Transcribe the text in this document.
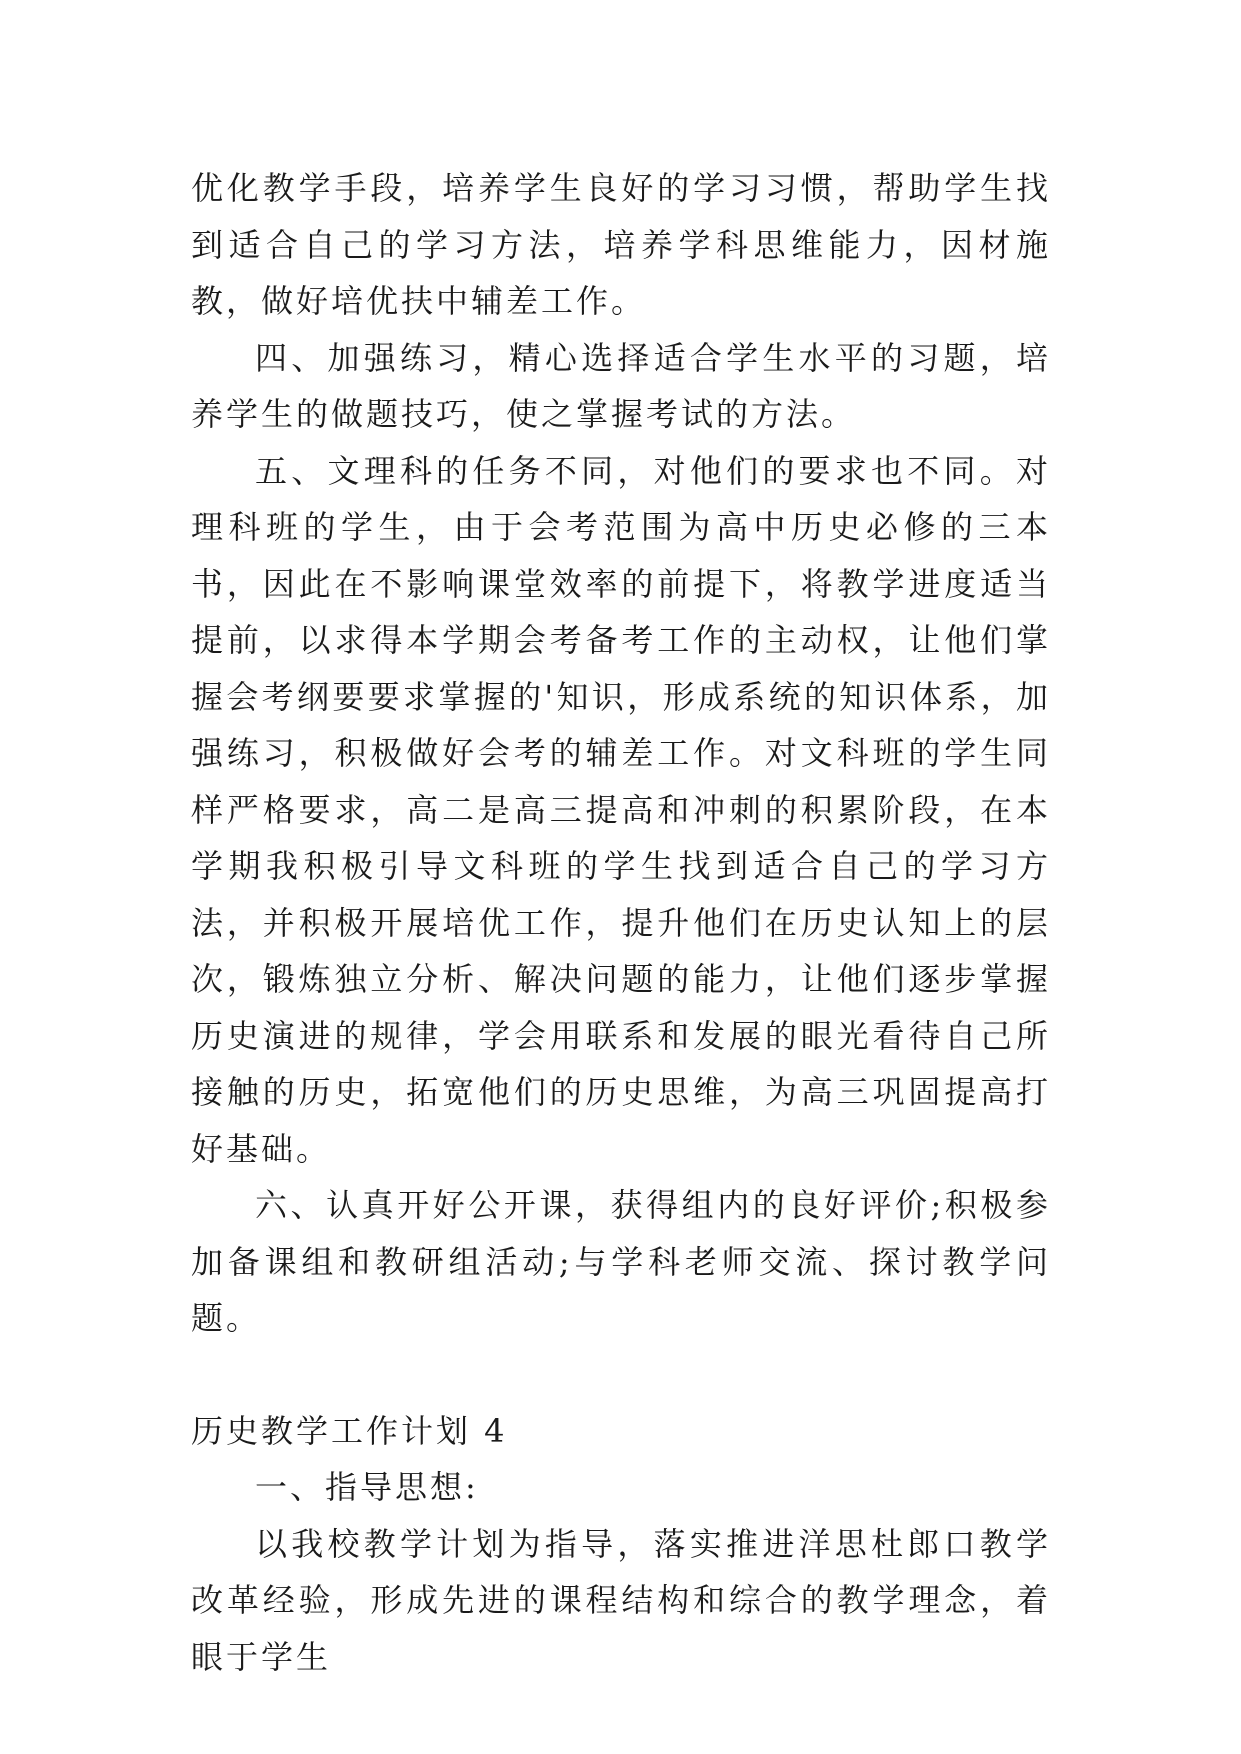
优化教学手段，培养学生良好的学习习惯，帮助学生找到适合自己的学习方法，培养学科思维能力，因材施教，做好培优扶中辅差工作。

四、加强练习，精心选择适合学生水平的习题，培养学生的做题技巧，使之掌握考试的方法。

五、文理科的任务不同，对他们的要求也不同。对理科班的学生，由于会考范围为高中历史必修的三本书，因此在不影响课堂效率的前提下，将教学进度适当提前，以求得本学期会考备考工作的主动权，让他们掌握会考纲要要求掌握的'知识，形成系统的知识体系，加强练习，积极做好会考的辅差工作。对文科班的学生同样严格要求，高二是高三提高和冲刺的积累阶段，在本学期我积极引导文科班的学生找到适合自己的学习方法，并积极开展培优工作，提升他们在历史认知上的层次，锻炼独立分析、解决问题的能力，让他们逐步掌握历史演进的规律，学会用联系和发展的眼光看待自己所接触的历史，拓宽他们的历史思维，为高三巩固提高打好基础。

六、认真开好公开课，获得组内的良好评价;积极参加备课组和教研组活动;与学科老师交流、探讨教学问题。

历史教学工作计划 4

一、指导思想:

以我校教学计划为指导，落实推进洋思杜郎口教学改革经验，形成先进的课程结构和综合的教学理念，着眼于学生
